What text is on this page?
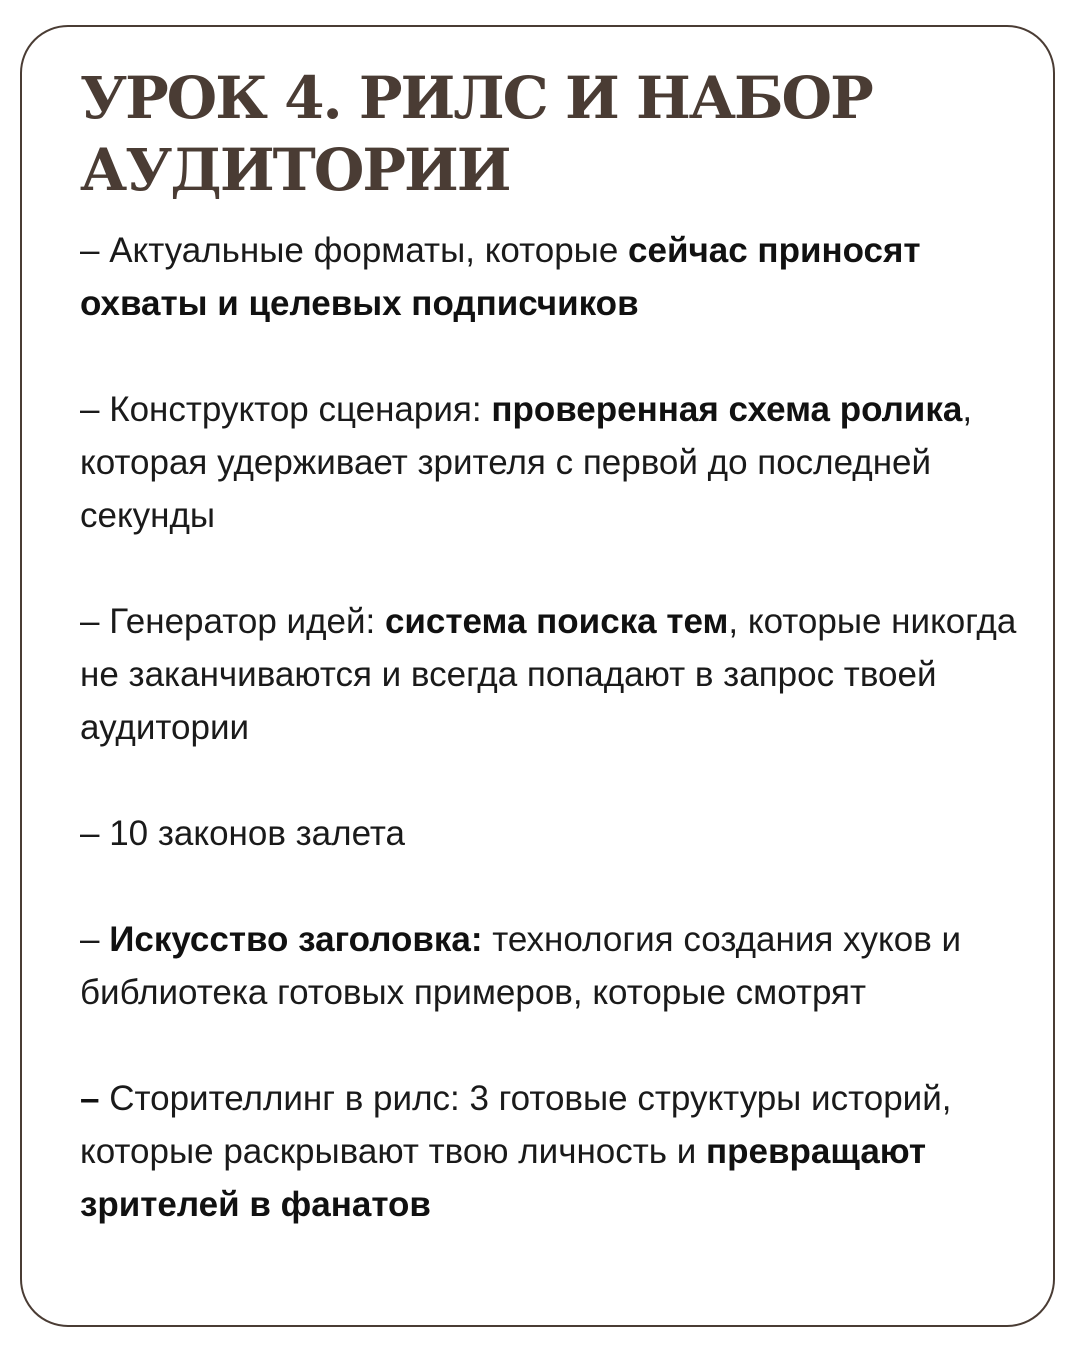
УРОК 4. РИЛС И НАБОР АУДИТОРИИ
– Актуальные форматы, которые сейчас приносят охваты и целевых подписчиков
– Конструктор сценария: проверенная схема ролика, которая удерживает зрителя с первой до последней секунды
– Генератор идей: система поиска тем, которые никогда не заканчиваются и всегда попадают в запрос твоей аудитории
– 10 законов залета
– Искусство заголовка: технология создания хуков и библиотека готовых примеров, которые смотрят
– Сторителлинг в рилс: 3 готовые структуры историй, которые раскрывают твою личность и превращают зрителей в фанатов
